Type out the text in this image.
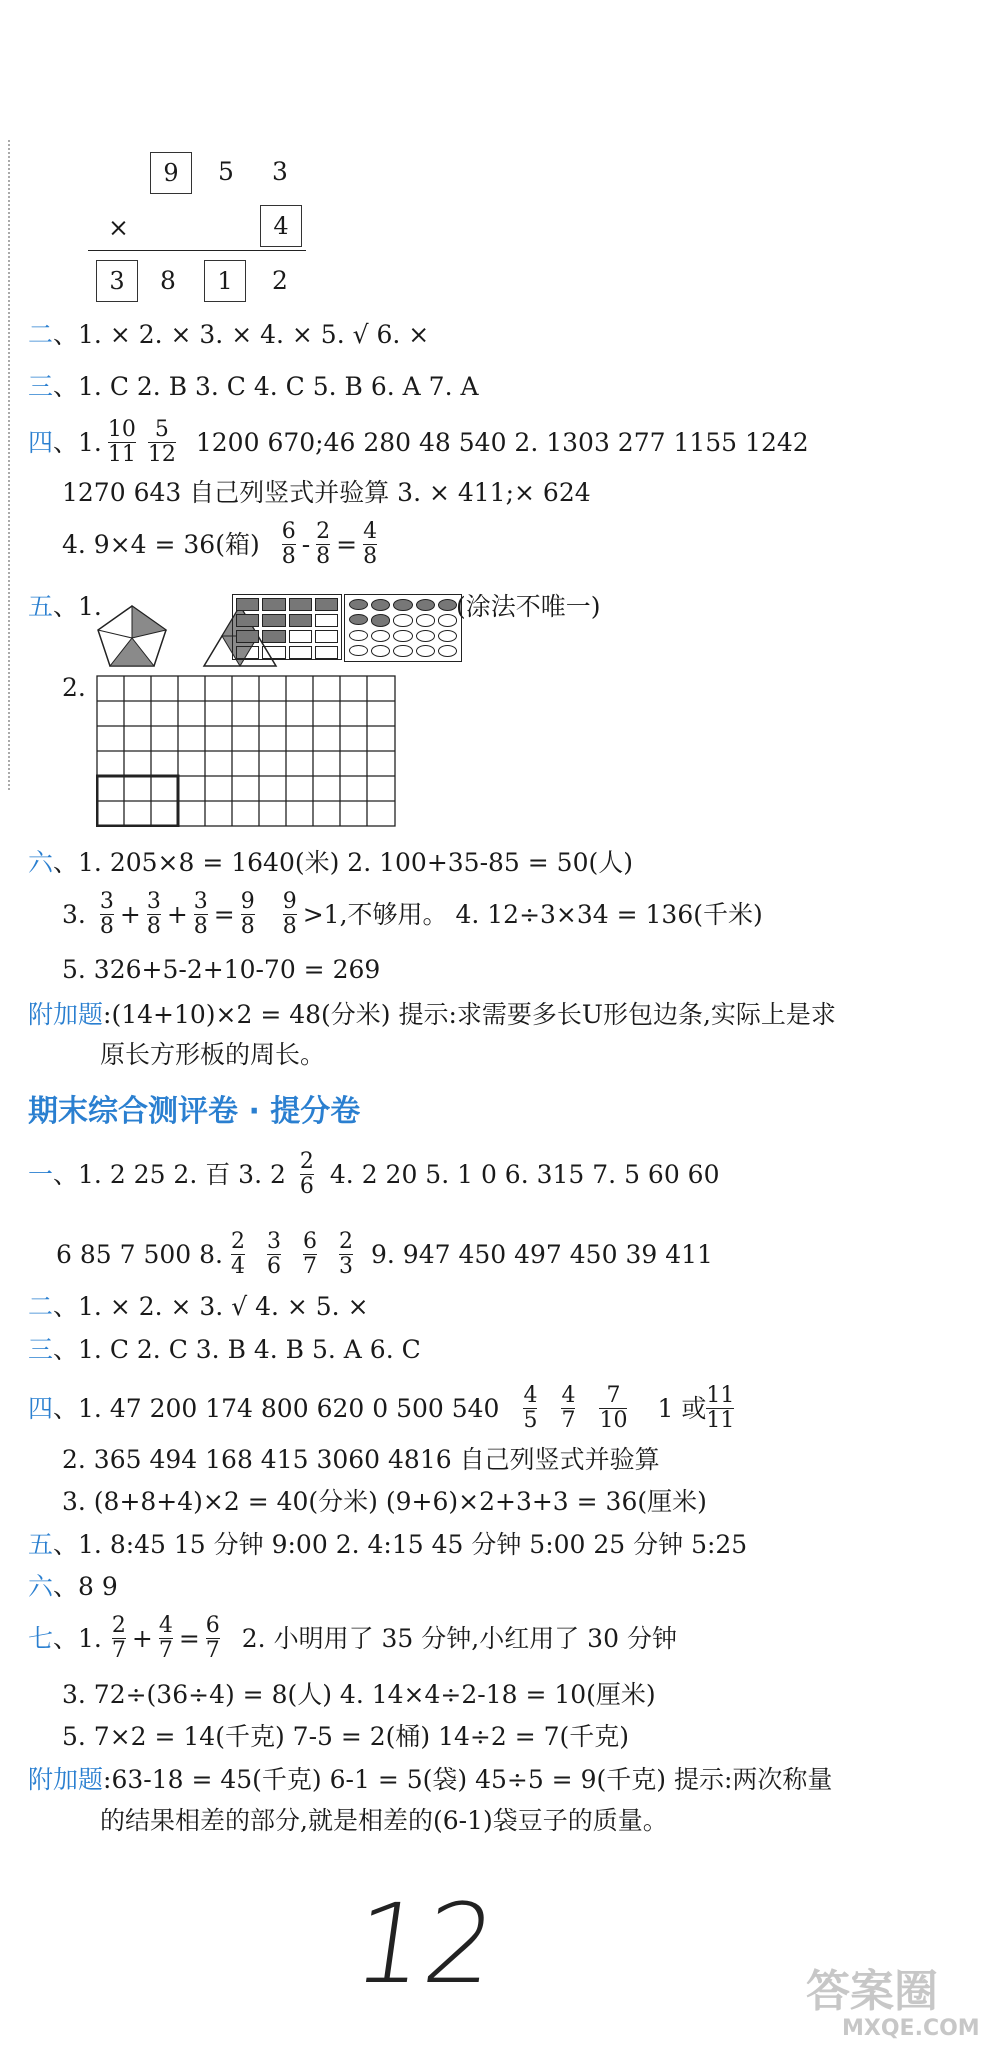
9	5 3
×	4
3	8	1	2
二、1. × 2. × 3. × 4. × 5. √ 6. ×
三、1. C 2. B 3. C 4. C 5. B 6. A 7. A
四 、1. $\frac{10}{11} \frac{5}{12} 1200$ 670;46 280 48 540 2. 1303 277 1155 1242
1270 643 自己列竖式并验算 3. × 411;× 624
4. 9×4 = 36(箱) $\frac{6}{8} - \frac{2}{8} = \frac{4}{8}$
五、1.	(涂法不唯一)
2.
六、1. 205×8 = 1640(米) 2. 100+35-85 = 50(人)
3. $\frac{3}{8} + \frac{3}{8} + \frac{3}{8} = \frac{9}{8} \frac{9}{8} >1$,不够用。 4. 12÷3×34 = 136(千米)
5. 326+5-2+10-70 = 269
附加题:(14+10)×2 = 48(分米) 提示:求需要多长U形包边条,实际上是求
原长方形板的周长。
期末综合测评卷 · 提分卷
一 、1. 2 25 2. 百 3. $2 \frac{2}{6} 4$. 2 20 5. 1 0 6. 315 7. 5 60 60
6 85 7 500 8. $\frac{2}{4} \frac{3}{6} \frac{6}{7} \frac{2}{3} 9$. 947 450 497 450 39 411
二、1. × 2. × 3. √ 4. × 5. ×
三、1. C 2. C 3. B 4. B 5. A 6. C
四 、1. 47 200 174 800 620 0 500 $540 \frac{4}{5} \frac{4}{7} \frac{7}{10} 1$ 或 $\frac{11}{11}$
2. 365 494 168 415 3060 4816 自己列竖式并验算
3. (8+8+4)×2 = 40(分米) (9+6)×2+3+3 = 36(厘米)
五、1. 8:45 15 分钟 9:00 2. 4:15 45 分钟 5:00 25 分钟 5:25
六、8 9
七 、1. $\frac{2}{7} + \frac{4}{7} = \frac{6}{7} 2$. 小明用了 35 分钟,小红用了 30 分钟
3. 72÷(36÷4) = 8(人) 4. 14×4÷2-18 = 10(厘米)
5. 7×2 = 14(千克) 7-5 = 2(桶) 14÷2 = 7(千克)
附加题:63-18 = 45(千克) 6-1 = 5(袋) 45÷5 = 9(千克) 提示:两次称量
的结果相差的部分,就是相差的(6-1)袋豆子的质量。
12	答案圈
MXQE.COM
